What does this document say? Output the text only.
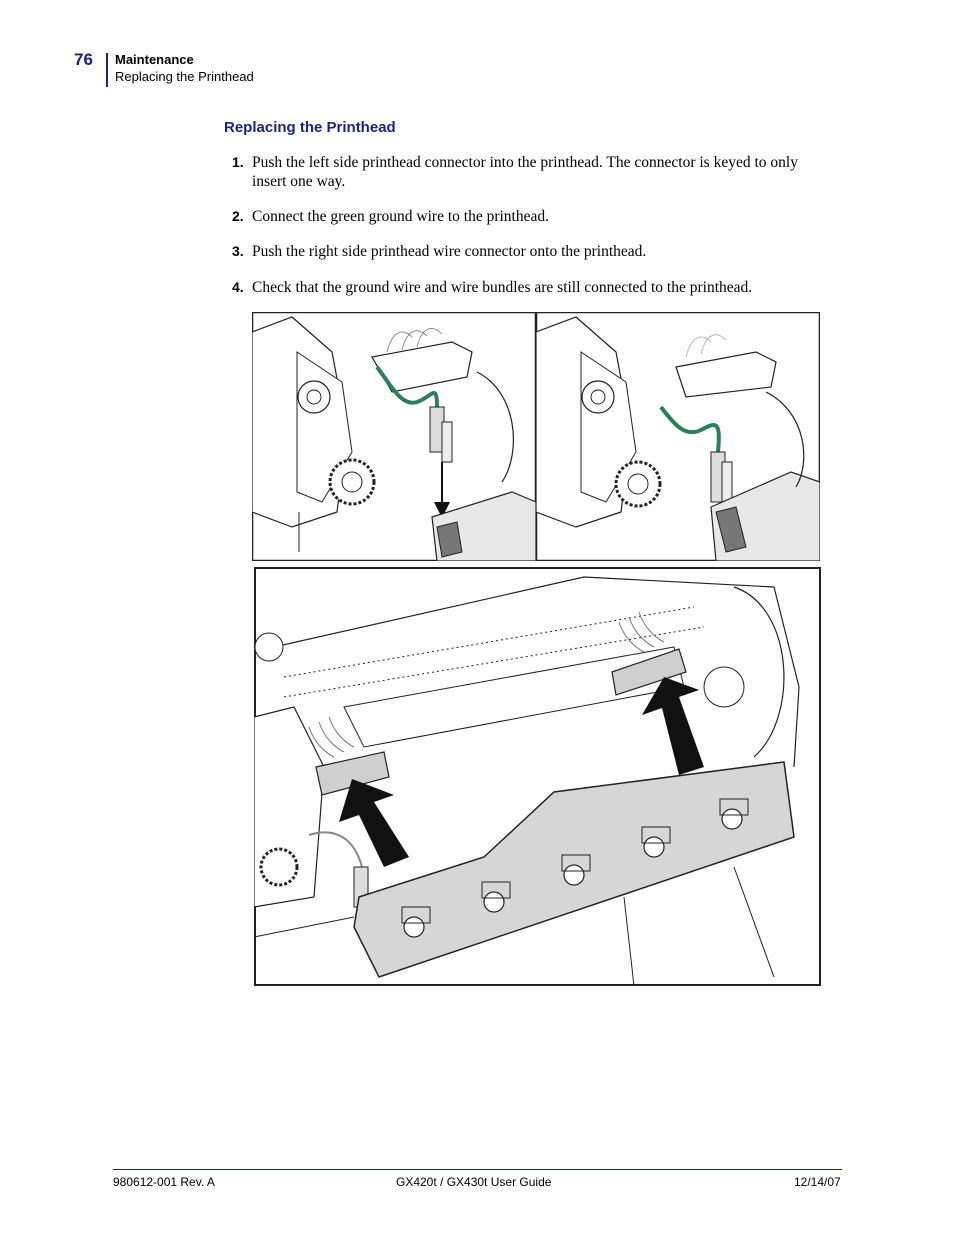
76 Maintenance
Replacing the Printhead
Replacing the Printhead
1. Push the left side printhead connector into the printhead. The connector is keyed to only insert one way.
2. Connect the green ground wire to the printhead.
3. Push the right side printhead wire connector onto the printhead.
4. Check that the ground wire and wire bundles are still connected to the printhead.
980612-001 Rev. A	GX420t / GX430t User Guide	12/14/07
